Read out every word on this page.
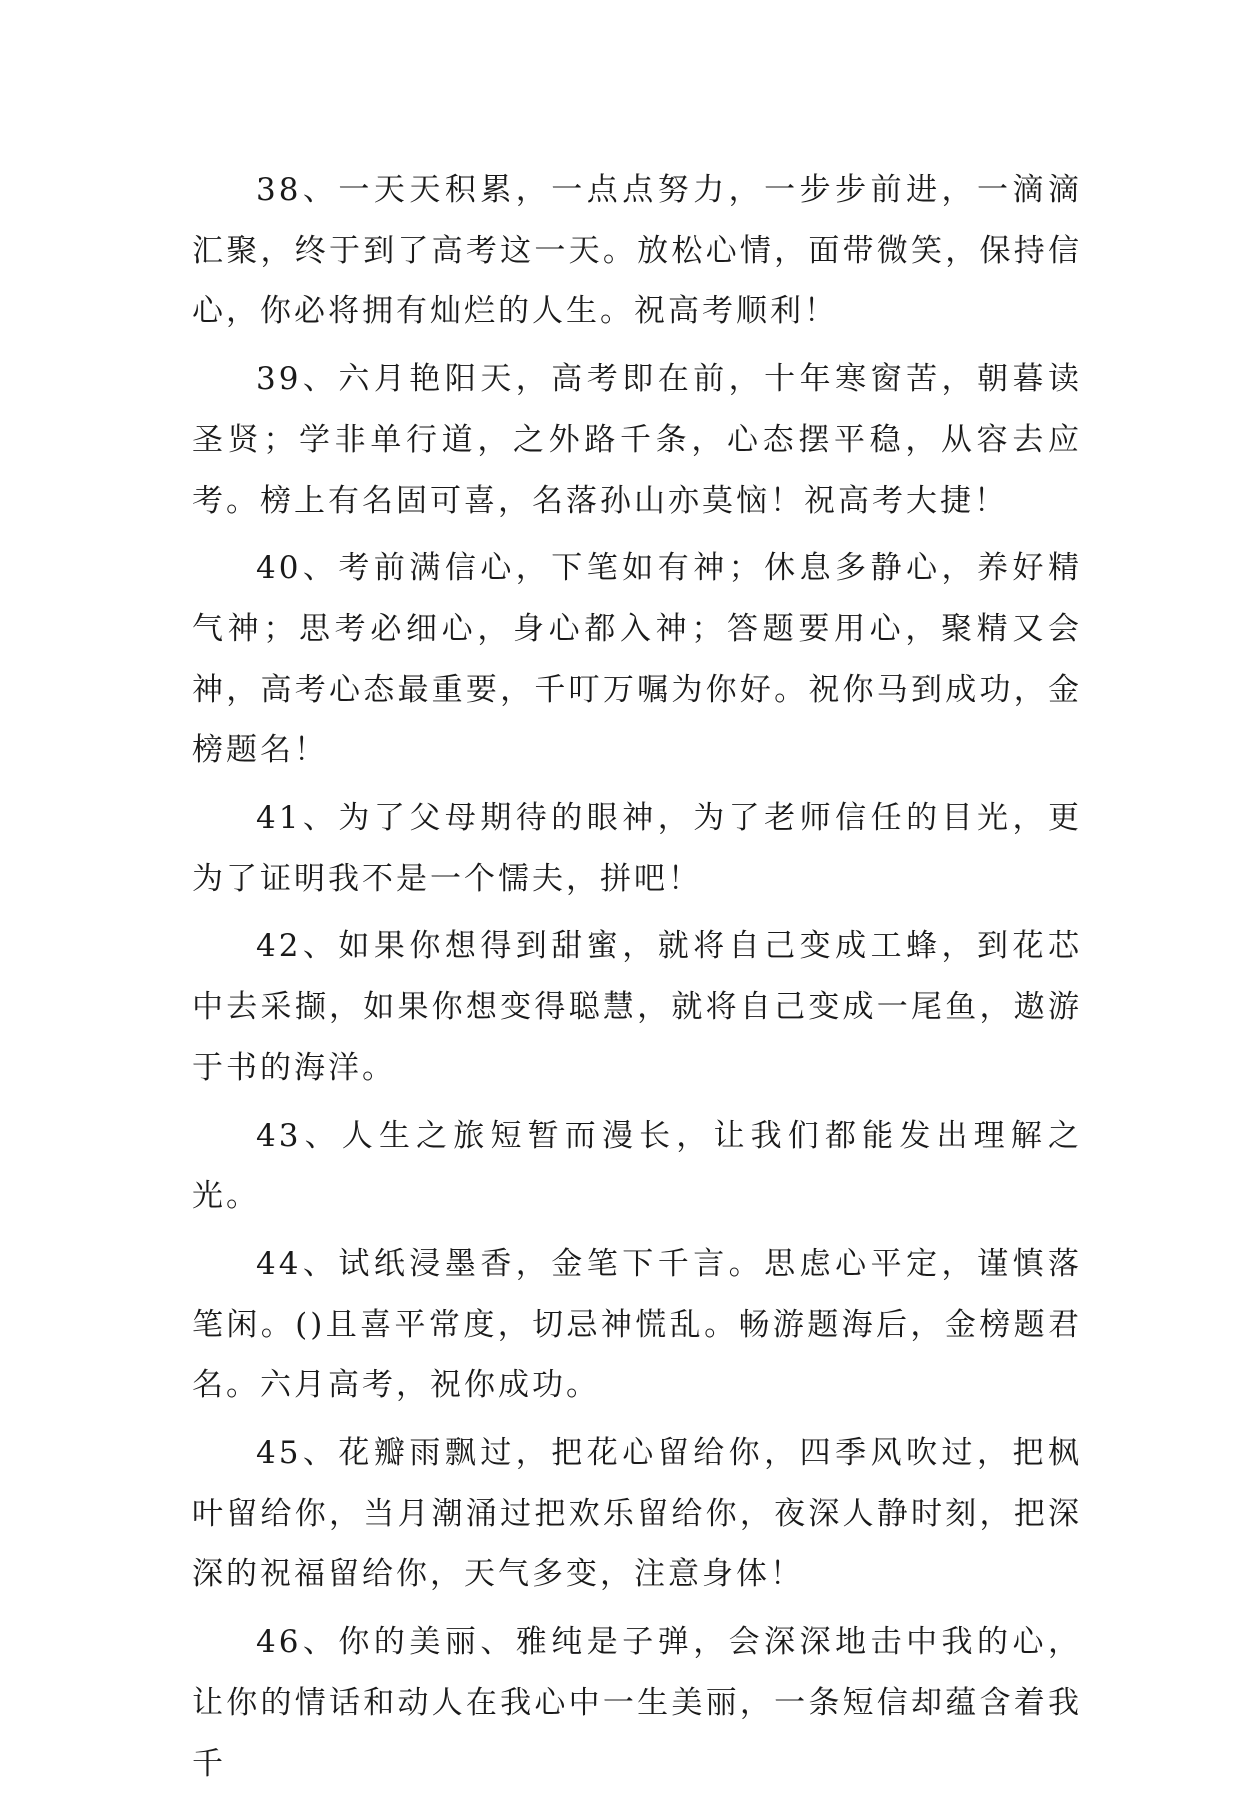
38、一天天积累，一点点努力，一步步前进，一滴滴汇聚，终于到了高考这一天。放松心情，面带微笑，保持信心，你必将拥有灿烂的人生。祝高考顺利！

39、六月艳阳天，高考即在前，十年寒窗苦，朝暮读圣贤；学非单行道，之外路千条，心态摆平稳，从容去应考。榜上有名固可喜，名落孙山亦莫恼！祝高考大捷！

40、考前满信心，下笔如有神；休息多静心，养好精气神；思考必细心，身心都入神；答题要用心，聚精又会神，高考心态最重要，千叮万嘱为你好。祝你马到成功，金榜题名！

41、为了父母期待的眼神，为了老师信任的目光，更为了证明我不是一个懦夫，拼吧！

42、如果你想得到甜蜜，就将自己变成工蜂，到花芯中去采撷，如果你想变得聪慧，就将自己变成一尾鱼，遨游于书的海洋。

43、人生之旅短暂而漫长，让我们都能发出理解之光。

44、试纸浸墨香，金笔下千言。思虑心平定，谨慎落笔闲。()且喜平常度，切忌神慌乱。畅游题海后，金榜题君名。六月高考，祝你成功。

45、花瓣雨飘过，把花心留给你，四季风吹过，把枫叶留给你，当月潮涌过把欢乐留给你，夜深人静时刻，把深深的祝福留给你，天气多变，注意身体！

46、你的美丽、雅纯是子弹，会深深地击中我的心，让你的情话和动人在我心中一生美丽，一条短信却蕴含着我千
